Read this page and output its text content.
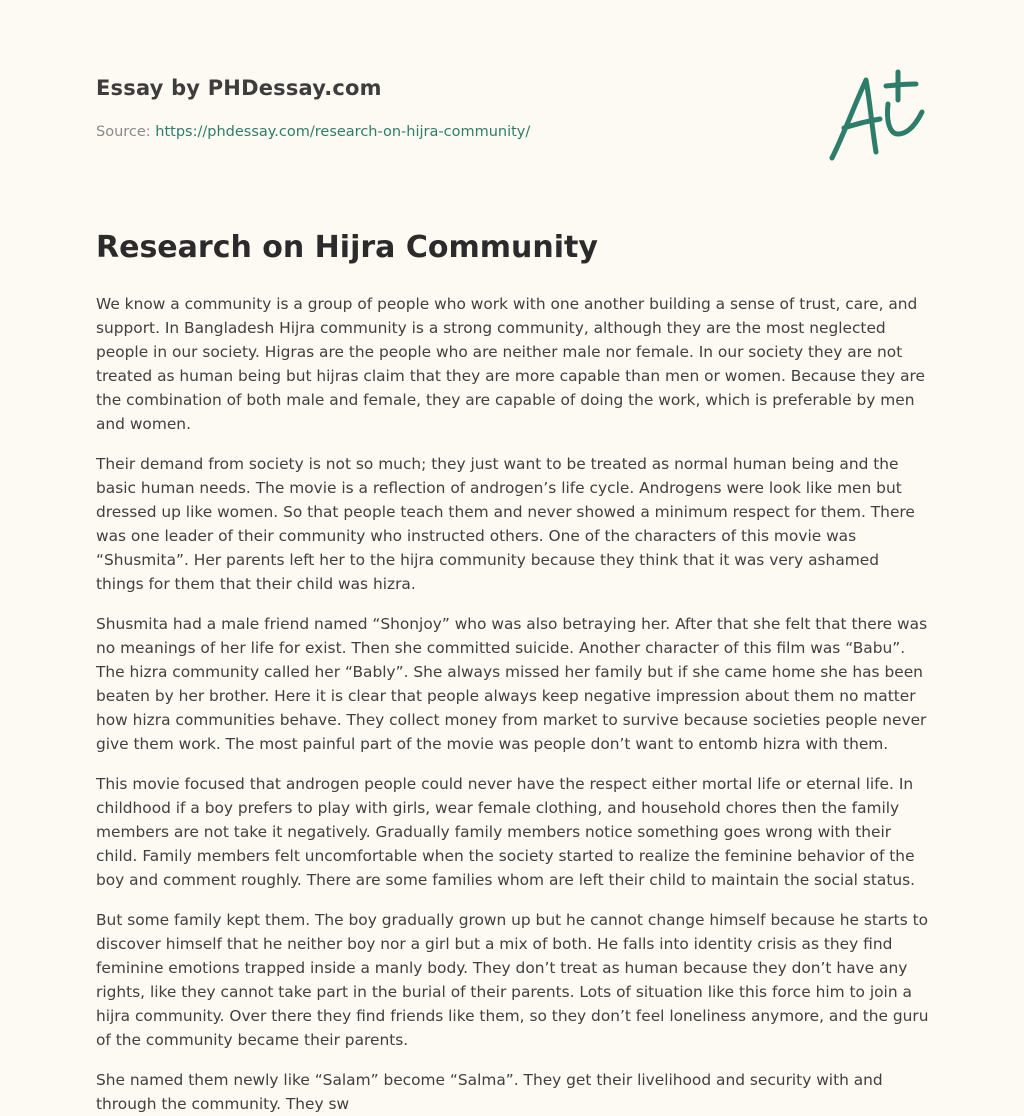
Essay by PHDessay.com
Source: https://phdessay.com/research-on-hijra-community/
Research on Hijra Community

We know a community is a group of people who work with one another building a sense of trust, care, and support. In Bangladesh Hijra community is a strong community, although they are the most neglected people in our society. Higras are the people who are neither male nor female. In our society they are not treated as human being but hijras claim that they are more capable than men or women. Because they are the combination of both male and female, they are capable of doing the work, which is preferable by men and women.

Their demand from society is not so much; they just want to be treated as normal human being and the basic human needs. The movie is a reflection of androgen’s life cycle. Androgens were look like men but dressed up like women. So that people teach them and never showed a minimum respect for them. There was one leader of their community who instructed others. One of the characters of this movie was “Shusmita”. Her parents left her to the hijra community because they think that it was very ashamed things for them that their child was hizra.

Shusmita had a male friend named “Shonjoy” who was also betraying her. After that she felt that there was no meanings of her life for exist. Then she committed suicide. Another character of this film was “Babu”. The hizra community called her “Bably”. She always missed her family but if she came home she has been beaten by her brother. Here it is clear that people always keep negative impression about them no matter how hizra communities behave. They collect money from market to survive because societies people never give them work. The most painful part of the movie was people don’t want to entomb hizra with them.

This movie focused that androgen people could never have the respect either mortal life or eternal life. In childhood if a boy prefers to play with girls, wear female clothing, and household chores then the family members are not take it negatively. Gradually family members notice something goes wrong with their child. Family members felt uncomfortable when the society started to realize the feminine behavior of the boy and comment roughly. There are some families whom are left their child to maintain the social status.

But some family kept them. The boy gradually grown up but he cannot change himself because he starts to discover himself that he neither boy nor a girl but a mix of both. He falls into identity crisis as they find feminine emotions trapped inside a manly body. They don’t treat as human because they don’t have any rights, like they cannot take part in the burial of their parents. Lots of situation like this force him to join a hijra community. Over there they find friends like them, so they don’t feel loneliness anymore, and the guru of the community became their parents.

She named them newly like “Salam” become “Salma”. They get their livelihood and security with and through the community. They sw
